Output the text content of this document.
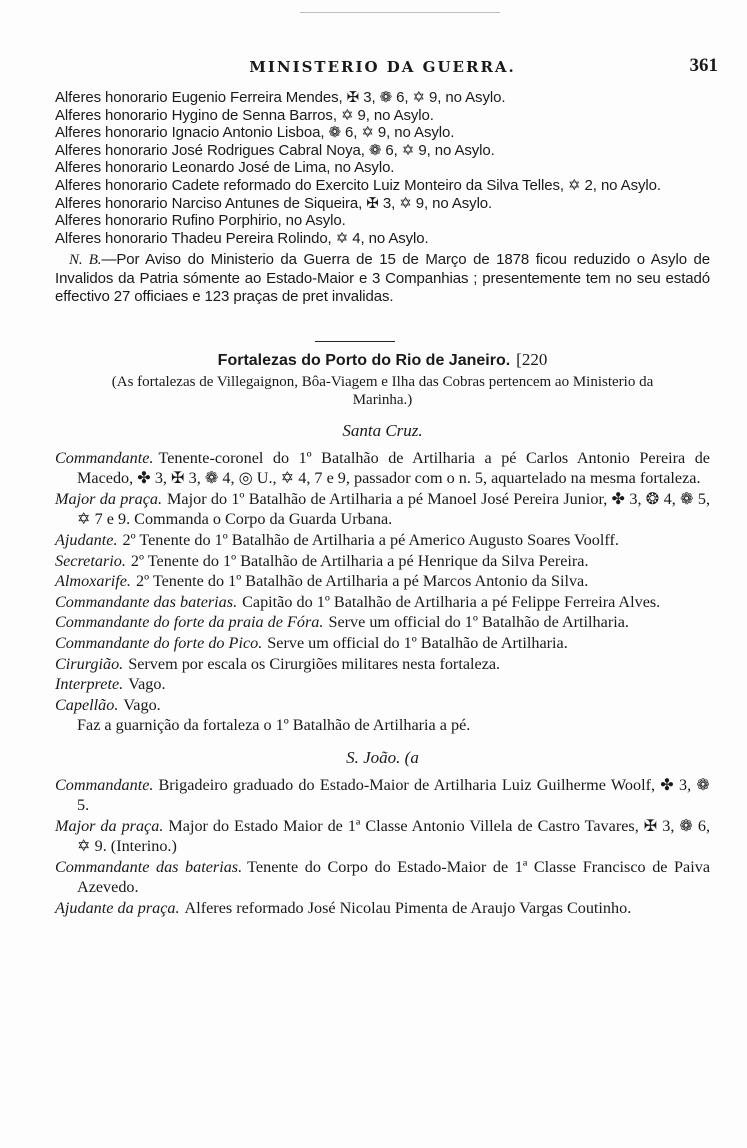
MINISTERIO DA GUERRA.	361
Alferes honorario Eugenio Ferreira Mendes, ✠ 3, ❁ 6, ✡ 9, no Asylo.
Alferes honorario Hygino de Senna Barros, ✡ 9, no Asylo.
Alferes honorario Ignacio Antonio Lisboa, ❁ 6, ✡ 9, no Asylo.
Alferes honorario José Rodrigues Cabral Noya, ❁ 6, ✡ 9, no Asylo.
Alferes honorario Leonardo José de Lima, no Asylo.
Alferes honorario Cadete reformado do Exercito Luiz Monteiro da Silva Telles, ✡ 2, no Asylo.
Alferes honorario Narciso Antunes de Siqueira, ✠ 3, ✡ 9, no Asylo.
Alferes honorario Rufino Porphirio, no Asylo.
Alferes honorario Thadeu Pereira Rolindo, ✡ 4, no Asylo.
N. B.—Por Aviso do Ministerio da Guerra de 15 de Março de 1878 ficou reduzido o Asylo de Invalidos da Patria sómente ao Estado-Maior e 3 Companhias ; presentemente tem no seu estadó effectivo 27 officiaes e 123 praças de pret invalidas.
Fortalezas do Porto do Rio de Janeiro. [220
(As fortalezas de Villegaignon, Bôa-Viagem e Ilha das Cobras pertencem ao Ministerio da Marinha.)
Santa Cruz.
Commandante. Tenente-coronel do 1º Batalhão de Artilharia a pé Carlos Antonio Pereira de Macedo, ✤ 3, ✠ 3, ❁ 4, ◎ U., ✡ 4, 7 e 9, passador com o n. 5, aquartelado na mesma fortaleza.
Major da praça. Major do 1º Batalhão de Artilharia a pé Manoel José Pereira Junior, ✤ 3, ❂ 4, ❁ 5, ✡ 7 e 9. Commanda o Corpo da Guarda Urbana.
Ajudante. 2º Tenente do 1º Batalhão de Artilharia a pé Americo Augusto Soares Voolff.
Secretario. 2º Tenente do 1º Batalhão de Artilharia a pé Henrique da Silva Pereira.
Almoxarife. 2º Tenente do 1º Batalhão de Artilharia a pé Marcos Antonio da Silva.
Commandante das baterias. Capitão do 1º Batalhão de Artilharia a pé Felippe Ferreira Alves.
Commandante do forte da praia de Fóra. Serve um official do 1º Batalhão de Artilharia.
Commandante do forte do Pico. Serve um official do 1º Batalhão de Artilharia.
Cirurgião. Servem por escala os Cirurgiões militares nesta fortaleza.
Interprete. Vago.
Capellão. Vago.
Faz a guarnição da fortaleza o 1º Batalhão de Artilharia a pé.
S. João. (a
Commandante. Brigadeiro graduado do Estado-Maior de Artilharia Luiz Guilherme Woolf, ✤ 3, ❁ 5.
Major da praça. Major do Estado Maior de 1ª Classe Antonio Villela de Castro Tavares, ✠ 3, ❁ 6, ✡ 9. (Interino.)
Commandante das baterias. Tenente do Corpo do Estado-Maior de 1ª Classe Francisco de Paiva Azevedo.
Ajudante da praça. Alferes reformado José Nicolau Pimenta de Araujo Vargas Coutinho.
